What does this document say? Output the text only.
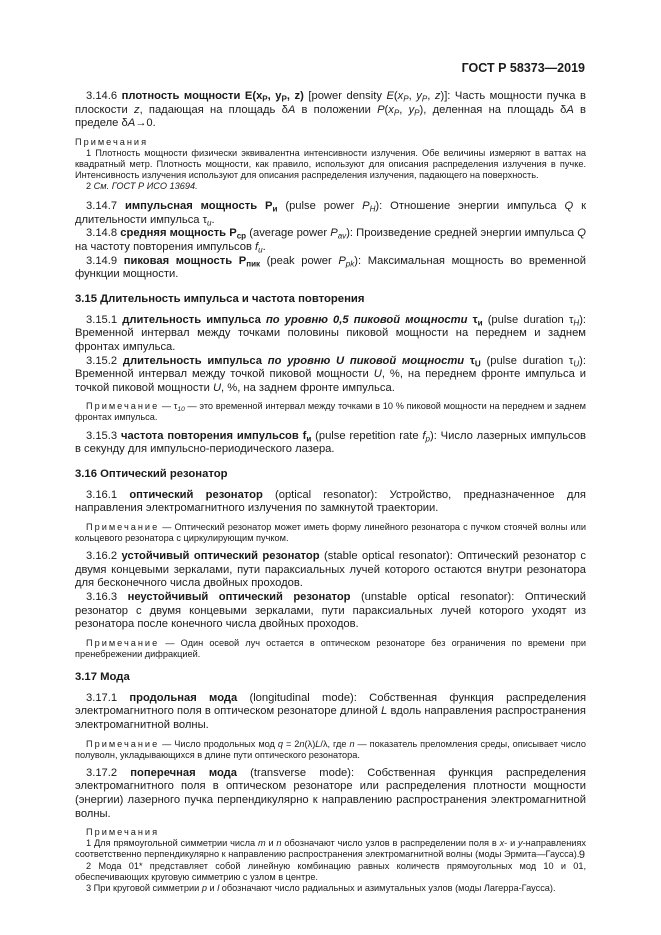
ГОСТ Р 58373—2019

3.14.6 плотность мощности $E(x_P$, $y_P$, z) [power density $E(x_P$, $y_P$, z)]: Часть мощности пучка в плоскости z, падающая на площадь δA в положении $P(x_P$, $y_P$), деленная на площадь δA в пределе δA→0.

Примечания

1 Плотность мощности физически эквивалентна интенсивности излучения. Обе величины измеряют в ваттах на квадратный метр. Плотность мощности, как правило, используют для описания распределения излучения в пучке. Интенсивность излучения используют для описания распределения излучения, падающего на поверхность.

2 См. ГОСТ Р ИСО 13694.

3.14.7 импульсная мощность $P_и$ (pulse power $P_H$): Отношение энергии импульса Q к длительности импульса $\tau_и$.

3.14.8 средняя мощность $P_{ср}$ (average power $P_{av}$): Произведение средней энергии импульса Q на частоту повторения импульсов $f_и$.

3.14.9 пиковая мощность $P_{пик}$ (peak power $P_{pk}$): Максимальная мощность во временной функции мощности.

3.15 Длительность импульса и частота повторения

3.15.1 длительность импульса по уровню 0,5 пиковой мощности $\tau_и$ (pulse duration $\tau_H$): Временной интервал между точками половины пиковой мощности на переднем и заднем фронтах импульса.

3.15.2 длительность импульса по уровню U пиковой мощности $\tau_U$ (pulse duration $\tau_U$): Временной интервал между точкой пиковой мощности U, %, на переднем фронте импульса и точкой пиковой мощности U, %, на заднем фронте импульса.

Примечание — $\tau_{10}$ — это временной интервал между точками в 10 % пиковой мощности на переднем и заднем фронтах импульса.

3.15.3 частота повторения импульсов $f_и$ (pulse repetition rate $f_p$): Число лазерных импульсов в секунду для импульсно-периодического лазера.

3.16 Оптический резонатор

3.16.1 оптический резонатор (optical resonator): Устройство, предназначенное для направления электромагнитного излучения по замкнутой траектории.

Примечание — Оптический резонатор может иметь форму линейного резонатора с пучком стоячей волны или кольцевого резонатора с циркулирующим пучком.

3.16.2 устойчивый оптический резонатор (stable optical resonator): Оптический резонатор с двумя концевыми зеркалами, пути параксиальных лучей которого остаются внутри резонатора для бесконечного числа двойных проходов.

3.16.3 неустойчивый оптический резонатор (unstable optical resonator): Оптический резонатор с двумя концевыми зеркалами, пути параксиальных лучей которого уходят из резонатора после конечного числа двойных проходов.

Примечание — Один осевой луч остается в оптическом резонаторе без ограничения по времени при пренебрежении дифракцией.

3.17 Мода

3.17.1 продольная мода (longitudinal mode): Собственная функция распределения электромагнитного поля в оптическом резонаторе длиной L вдоль направления распространения электромагнитной волны.

Примечание — Число продольных мод q = 2n(λ)L/λ, где n — показатель преломления среды, описывает число полуволн, укладывающихся в длине пути оптического резонатора.

3.17.2 поперечная мода (transverse mode): Собственная функция распределения электромагнитного поля в оптическом резонаторе или распределения плотности мощности (энергии) лазерного пучка перпендикулярно к направлению распространения электромагнитной волны.

Примечания

1 Для прямоугольной симметрии числа m и n обозначают число узлов в распределении поля в x- и y-направлениях соответственно перпендикулярно к направлению распространения электромагнитной волны (моды Эрмита—Гаусса).

2 Мода 01* представляет собой линейную комбинацию равных количеств прямоугольных мод 10 и 01, обеспечивающих круговую симметрию с узлом в центре.

3 При круговой симметрии p и l обозначают число радиальных и азимутальных узлов (моды Лагерра-Гаусса).

9
